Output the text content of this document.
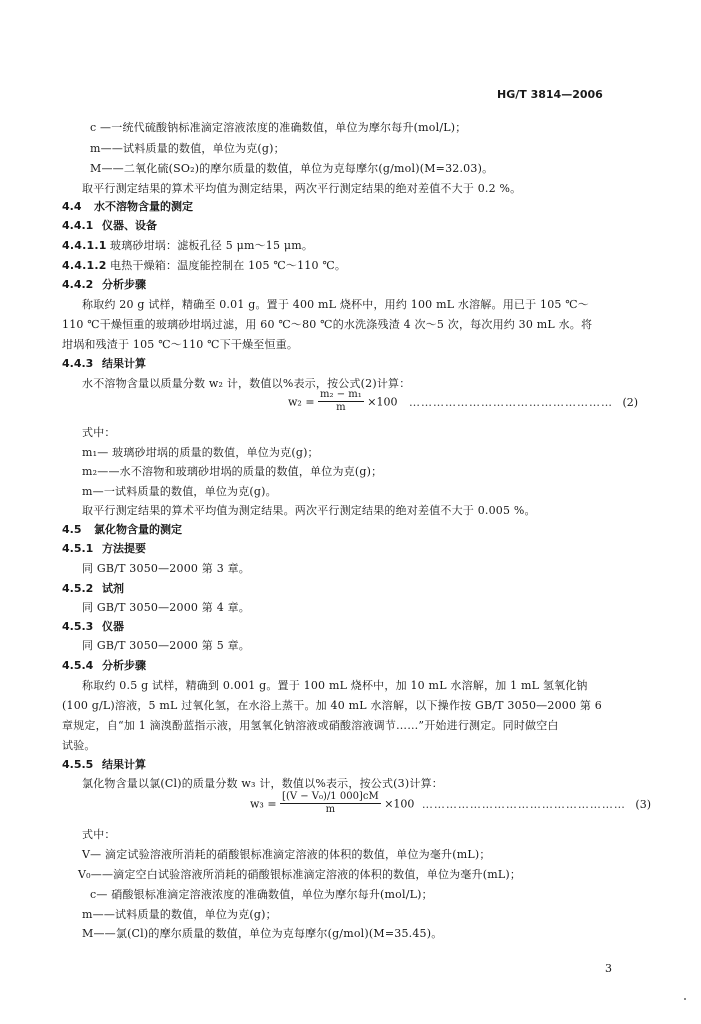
HG/T 3814—2006
c —一统代硫酸钠标准滴定溶液浓度的准确数值，单位为摩尔每升(mol/L)；
m——试料质量的数值，单位为克(g)；
M——二氧化硫(SO₂)的摩尔质量的数值，单位为克每摩尔(g/mol)(M=32.03)。
取平行测定结果的算术平均值为测定结果，两次平行测定结果的绝对差值不大于 0.2 %。
4.4 水不溶物含量的测定
4.4.1 仪器、设备
4.4.1.1 玻璃砂坩埚：滤板孔径 5 μm～15 μm。
4.4.1.2 电热干燥箱：温度能控制在 105 ℃～110 ℃。
4.4.2 分析步骤
称取约 20 g 试样，精确至 0.01 g。置于 400 mL 烧杯中，用约 100 mL 水溶解。用已于 105 ℃～
110 ℃干燥恒重的玻璃砂坩埚过滤，用 60 ℃～80 ℃的水洗涤残渣 4 次～5 次，每次用约 30 mL 水。将
坩埚和残渣于 105 ℃～110 ℃下干燥至恒重。
4.4.3 结果计算
水不溶物含量以质量分数 w₂ 计，数值以%表示，按公式(2)计算：
$w_2 = \frac{\text{m₂ − m₁}}{m} \times 100$ …………………………………………… (2)
式中：
m₁— 玻璃砂坩埚的质量的数值，单位为克(g)；
m₂——水不溶物和玻璃砂坩埚的质量的数值，单位为克(g)；
m—一试料质量的数值，单位为克(g)。
取平行测定结果的算术平均值为测定结果。两次平行测定结果的绝对差值不大于 0.005 %。
4.5 氯化物含量的测定
4.5.1 方法提要
同 GB/T 3050—2000 第 3 章。
4.5.2 试剂
同 GB/T 3050—2000 第 4 章。
4.5.3 仪器
同 GB/T 3050—2000 第 5 章。
4.5.4 分析步骤
称取约 0.5 g 试样，精确到 0.001 g。置于 100 mL 烧杯中，加 10 mL 水溶解，加 1 mL 氢氧化钠
(100 g/L)溶液，5 mL 过氧化氢，在水浴上蒸干。加 40 mL 水溶解，以下操作按 GB/T 3050—2000 第 6
章规定，自“加 1 滴溴酚蓝指示液，用氢氧化钠溶液或硝酸溶液调节……”开始进行测定。同时做空白
试验。
4.5.5 结果计算
氯化物含量以氯(Cl)的质量分数 w₃ 计，数值以%表示，按公式(3)计算：
$w_3 = \frac{\text{[(V − V₀)/1 000]cM}}{m} \times 100$ …………………………………………… (3)
式中：
V— 滴定试验溶液所消耗的硝酸银标准滴定溶液的体积的数值，单位为毫升(mL)；
V₀——滴定空白试验溶液所消耗的硝酸银标准滴定溶液的体积的数值，单位为毫升(mL)；
c— 硝酸银标准滴定溶液浓度的准确数值，单位为摩尔每升(mol/L)；
m——试料质量的数值，单位为克(g)；
M——氯(Cl)的摩尔质量的数值，单位为克每摩尔(g/mol)(M=35.45)。
3
